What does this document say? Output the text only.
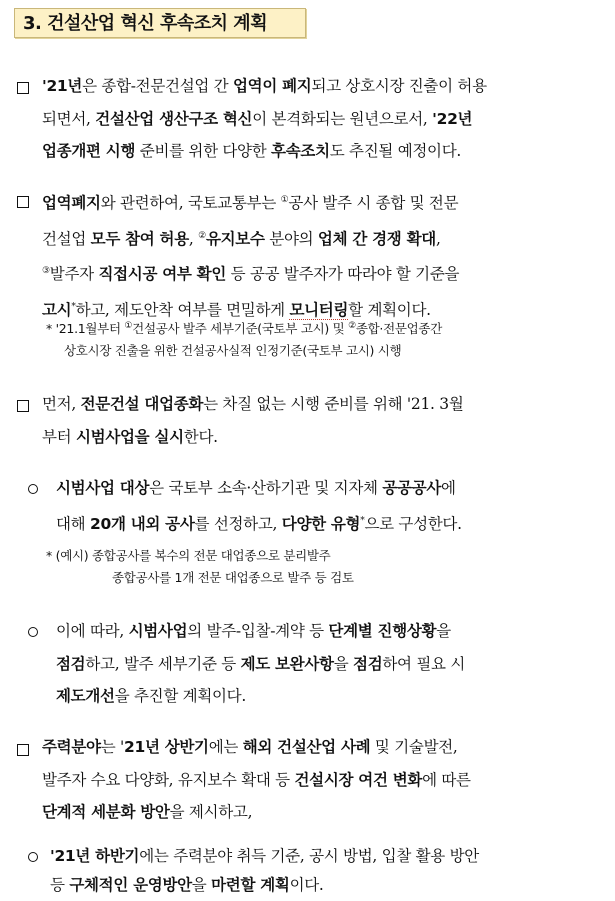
3. 건설산업 혁신 후속조치 계획
'21년은 종합-전문건설업 간 업역이 폐지되고 상호시장 진출이 허용
되면서, 건설산업 생산구조 혁신이 본격화되는 원년으로서, '22년
업종개편 시행 준비를 위한 다양한 후속조치도 추진될 예정이다.
업역폐지와 관련하여, 국토교통부는 ①공사 발주 시 종합 및 전문
건설업 모두 참여 허용, ②유지보수 분야의 업체 간 경쟁 확대,
③발주자 직접시공 여부 확인 등 공공 발주자가 따라야 할 기준을
고시*하고, 제도안착 여부를 면밀하게 모니터링할 계획이다.
* '21.1월부터 ①건설공사 발주 세부기준(국토부 고시) 및 ②종합·전문업종간
상호시장 진출을 위한 건설공사실적 인정기준(국토부 고시) 시행
먼저, 전문건설 대업종화는 차질 없는 시행 준비를 위해 '21. 3월
부터 시범사업을 실시한다.
시범사업 대상은 국토부 소속·산하기관 및 지자체 공공공사에
대해 20개 내외 공사를 선정하고, 다양한 유형*으로 구성한다.
* (예시) 종합공사를 복수의 전문 대업종으로 분리발주
종합공사를 1개 전문 대업종으로 발주 등 검토
이에 따라, 시범사업의 발주-입찰-계약 등 단계별 진행상황을
점검하고, 발주 세부기준 등 제도 보완사항을 점검하여 필요 시
제도개선을 추진할 계획이다.
주력분야는 '21년 상반기에는 해외 건설산업 사례 및 기술발전,
발주자 수요 다양화, 유지보수 확대 등 건설시장 여건 변화에 따른
단계적 세분화 방안을 제시하고,
'21년 하반기에는 주력분야 취득 기준, 공시 방법, 입찰 활용 방안
등 구체적인 운영방안을 마련할 계획이다.
